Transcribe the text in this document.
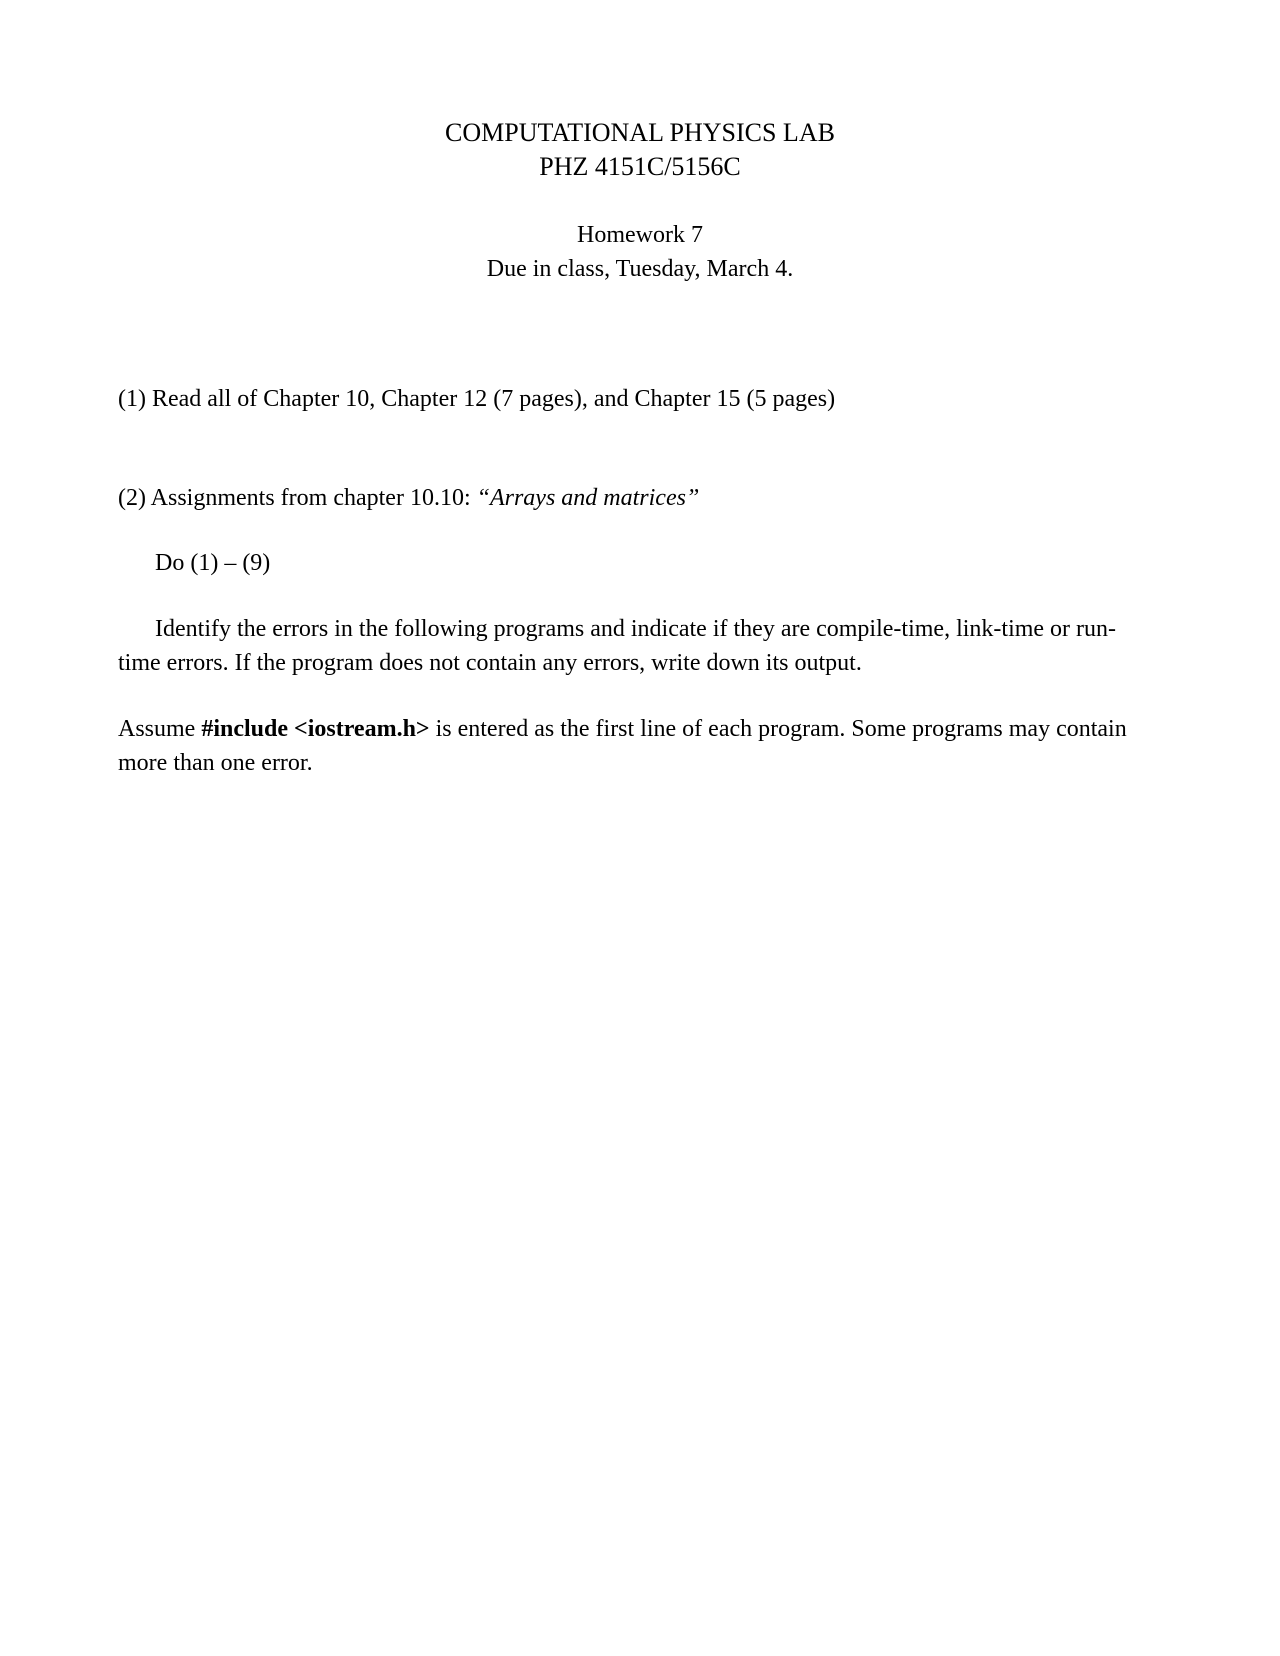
COMPUTATIONAL PHYSICS LAB
PHZ 4151C/5156C
Homework 7
Due in class, Tuesday, March 4.
(1) Read all of Chapter 10, Chapter 12 (7 pages), and Chapter 15 (5 pages)
(2) Assignments from chapter 10.10: “Arrays and matrices”
Do (1) – (9)
Identify the errors in the following programs and indicate if they are compile-time, link-time or run-
time errors. If the program does not contain any errors, write down its output.
Assume #include <iostream.h> is entered as the first line of each program. Some programs may contain
more than one error.
